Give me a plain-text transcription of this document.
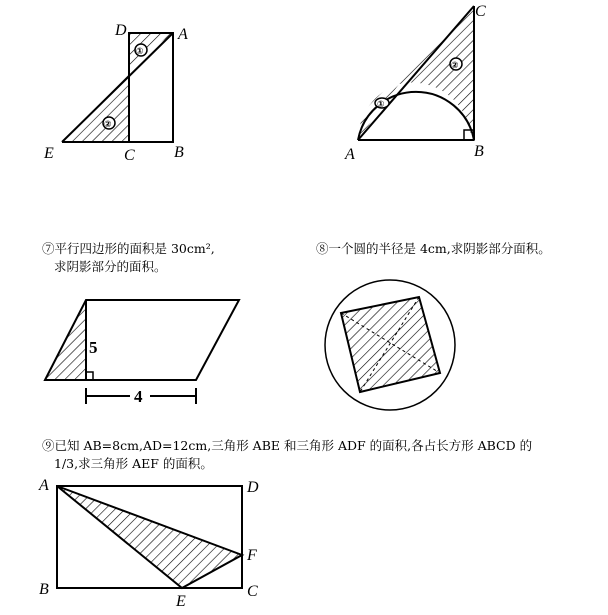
①
②
D	A
E	C B
①
②
C
A	B

⑦平行四边形的面积是 30cm²,
求阴影部分的面积。

⑧一个圆的半径是 4cm,求阴影部分面积。

5
4

⑨已知 AB=8cm,AD=12cm,三角形 ABE 和三角形 ADF 的面积,各占长方形 ABCD 的
1/3,求三角形 AEF 的面积。

A	D
F
B
E
C
